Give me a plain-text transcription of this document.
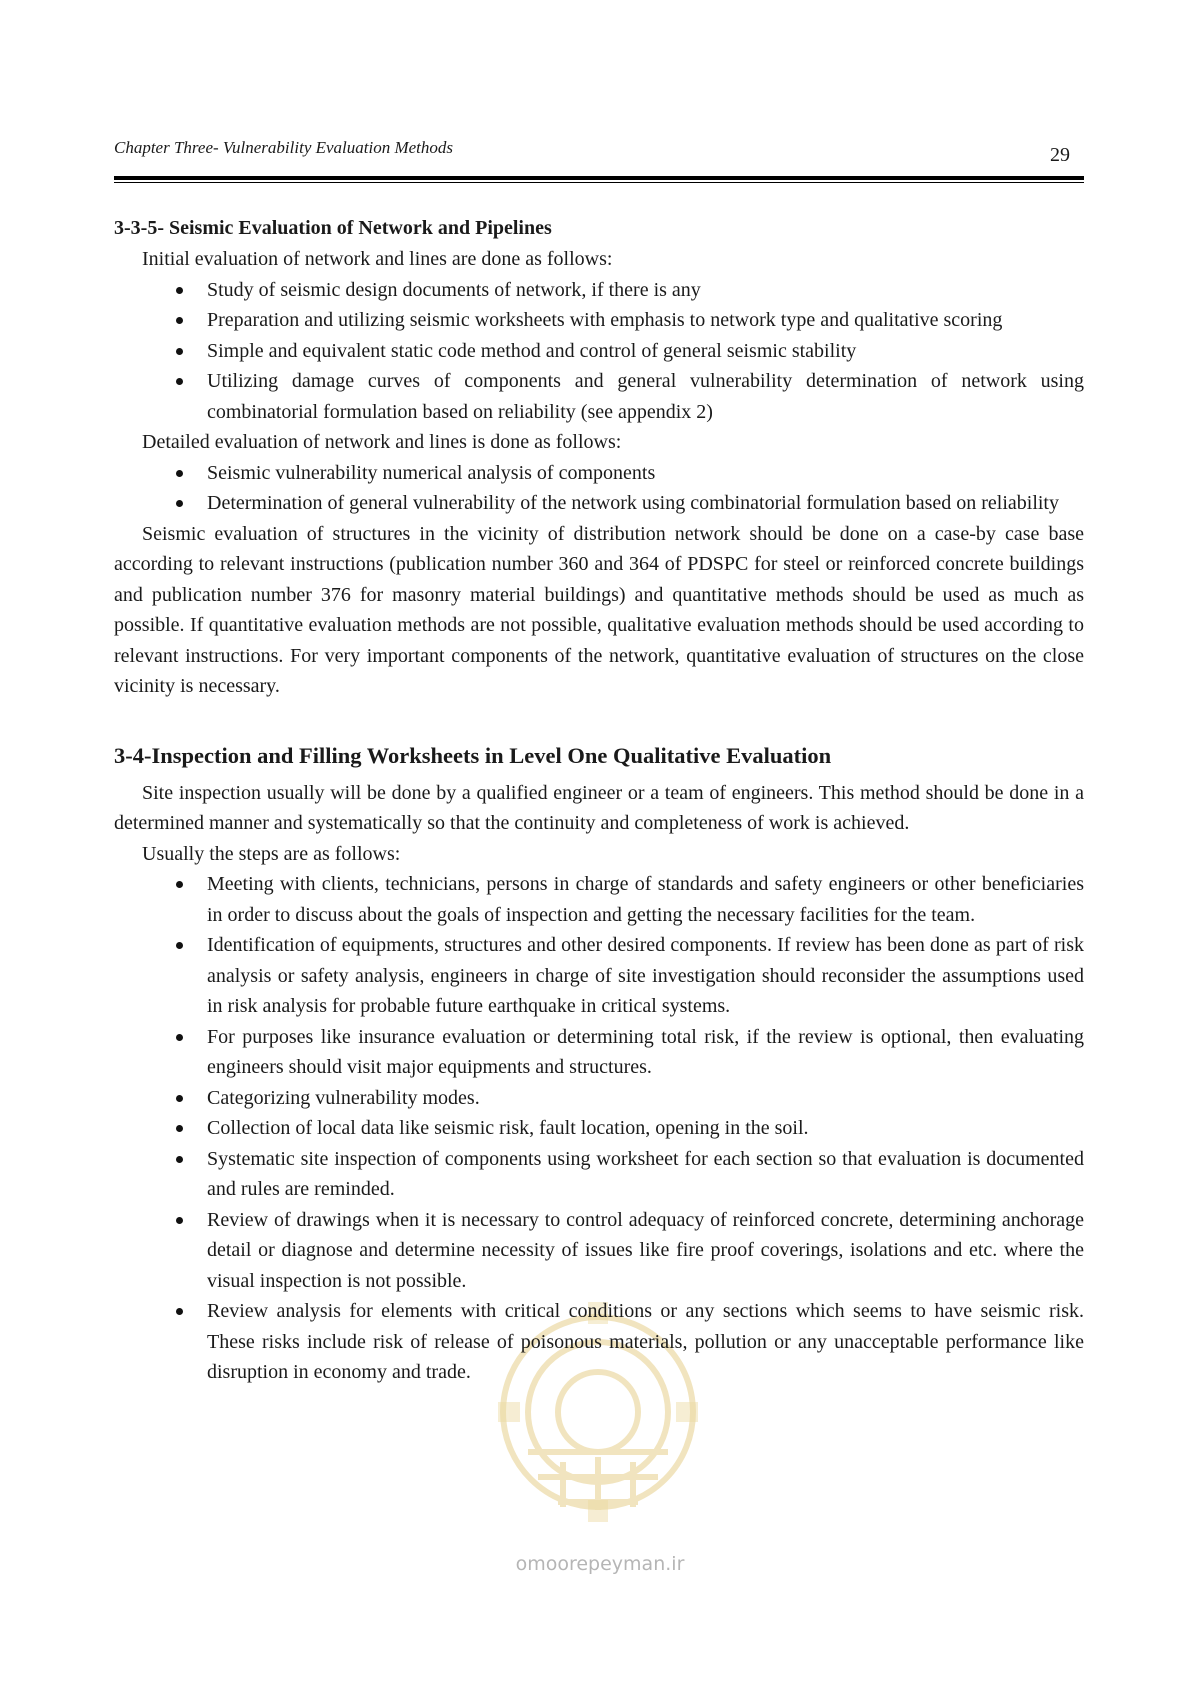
Chapter Three- Vulnerability Evaluation Methods	29
omoorepeyman.ir
3-3-5- Seismic Evaluation of Network and Pipelines

Initial evaluation of network and lines are done as follows:

Study of seismic design documents of network, if there is any
Preparation and utilizing seismic worksheets with emphasis to network type and qualitative scoring
Simple and equivalent static code method and control of general seismic stability
Utilizing damage curves of components and general vulnerability determination of network using combinatorial formulation based on reliability (see appendix 2)

Detailed evaluation of network and lines is done as follows:

Seismic vulnerability numerical analysis of components
Determination of general vulnerability of the network using combinatorial formulation based on reliability

Seismic evaluation of structures in the vicinity of distribution network should be done on a case-by case base according to relevant instructions (publication number 360 and 364 of PDSPC for steel or reinforced concrete buildings and publication number 376 for masonry material buildings) and quantitative methods should be used as much as possible. If quantitative evaluation methods are not possible, qualitative evaluation methods should be used according to relevant instructions. For very important components of the network, quantitative evaluation of structures on the close vicinity is necessary.

3-4-Inspection and Filling Worksheets in Level One Qualitative Evaluation

Site inspection usually will be done by a qualified engineer or a team of engineers. This method should be done in a determined manner and systematically so that the continuity and completeness of work is achieved.

Usually the steps are as follows:

Meeting with clients, technicians, persons in charge of standards and safety engineers or other beneficiaries in order to discuss about the goals of inspection and getting the necessary facilities for the team.
Identification of equipments, structures and other desired components. If review has been done as part of risk analysis or safety analysis, engineers in charge of site investigation should reconsider the assumptions used in risk analysis for probable future earthquake in critical systems.
For purposes like insurance evaluation or determining total risk, if the review is optional, then evaluating engineers should visit major equipments and structures.
Categorizing vulnerability modes.
Collection of local data like seismic risk, fault location, opening in the soil.
Systematic site inspection of components using worksheet for each section so that evaluation is documented and rules are reminded.
Review of drawings when it is necessary to control adequacy of reinforced concrete, determining anchorage detail or diagnose and determine necessity of issues like fire proof coverings, isolations and etc. where the visual inspection is not possible.
Review analysis for elements with critical conditions or any sections which seems to have seismic risk. These risks include risk of release of poisonous materials, pollution or any unacceptable performance like disruption in economy and trade.
